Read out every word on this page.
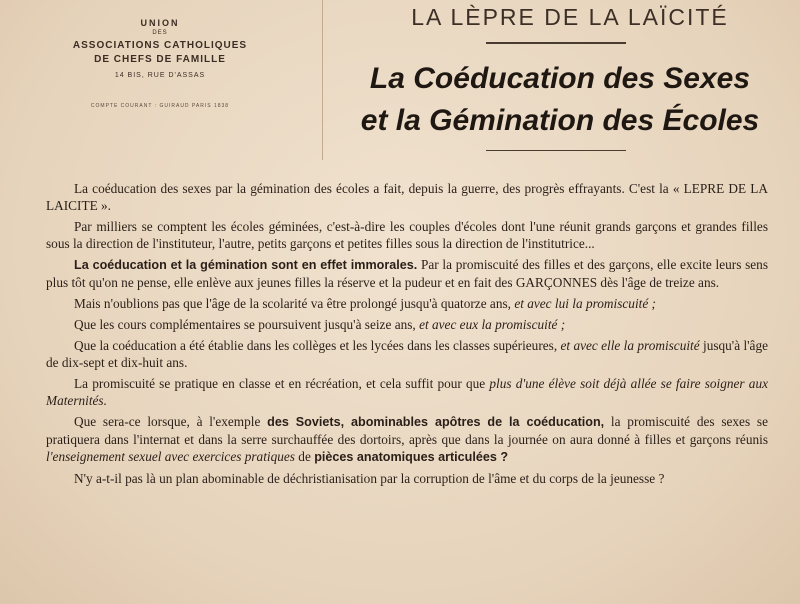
UNION
DES
ASSOCIATIONS CATHOLIQUES
DE CHEFS DE FAMILLE
14 BIS, RUE D'ASSAS
COMPTE COURANT : GUIRAUD PARIS 1838
LA LÈPRE DE LA LAÏCITÉ
La Coéducation des Sexes
et la Gémination des Écoles

La coéducation des sexes par la gémination des écoles a fait, depuis la guerre, des progrès effrayants. C'est la « LEPRE DE LA LAICITE ».

Par milliers se comptent les écoles géminées, c'est-à-dire les couples d'écoles dont l'une réunit grands garçons et grandes filles sous la direction de l'instituteur, l'autre, petits garçons et petites filles sous la direction de l'institutrice...

La coéducation et la gémination sont en effet immorales. Par la promiscuité des filles et des garçons, elle excite leurs sens plus tôt qu'on ne pense, elle enlève aux jeunes filles la réserve et la pudeur et en fait des GARÇONNES dès l'âge de treize ans.

Mais n'oublions pas que l'âge de la scolarité va être prolongé jusqu'à quatorze ans, et avec lui la promiscuité ;

Que les cours complémentaires se poursuivent jusqu'à seize ans, et avec eux la promiscuité ;

Que la coéducation a été établie dans les collèges et les lycées dans les classes supérieures, et avec elle la promiscuité jusqu'à l'âge de dix-sept et dix-huit ans.

La promiscuité se pratique en classe et en récréation, et cela suffit pour que plus d'une élève soit déjà allée se faire soigner aux Maternités.

Que sera-ce lorsque, à l'exemple des Soviets, abominables apôtres de la coéducation, la promiscuité des sexes se pratiquera dans l'internat et dans la serre surchauffée des dortoirs, après que dans la journée on aura donné à filles et garçons réunis l'enseignement sexuel avec exercices pratiques de pièces anatomiques articulées ?

N'y a-t-il pas là un plan abominable de déchristianisation par la corruption de l'âme et du corps de la jeunesse ?
